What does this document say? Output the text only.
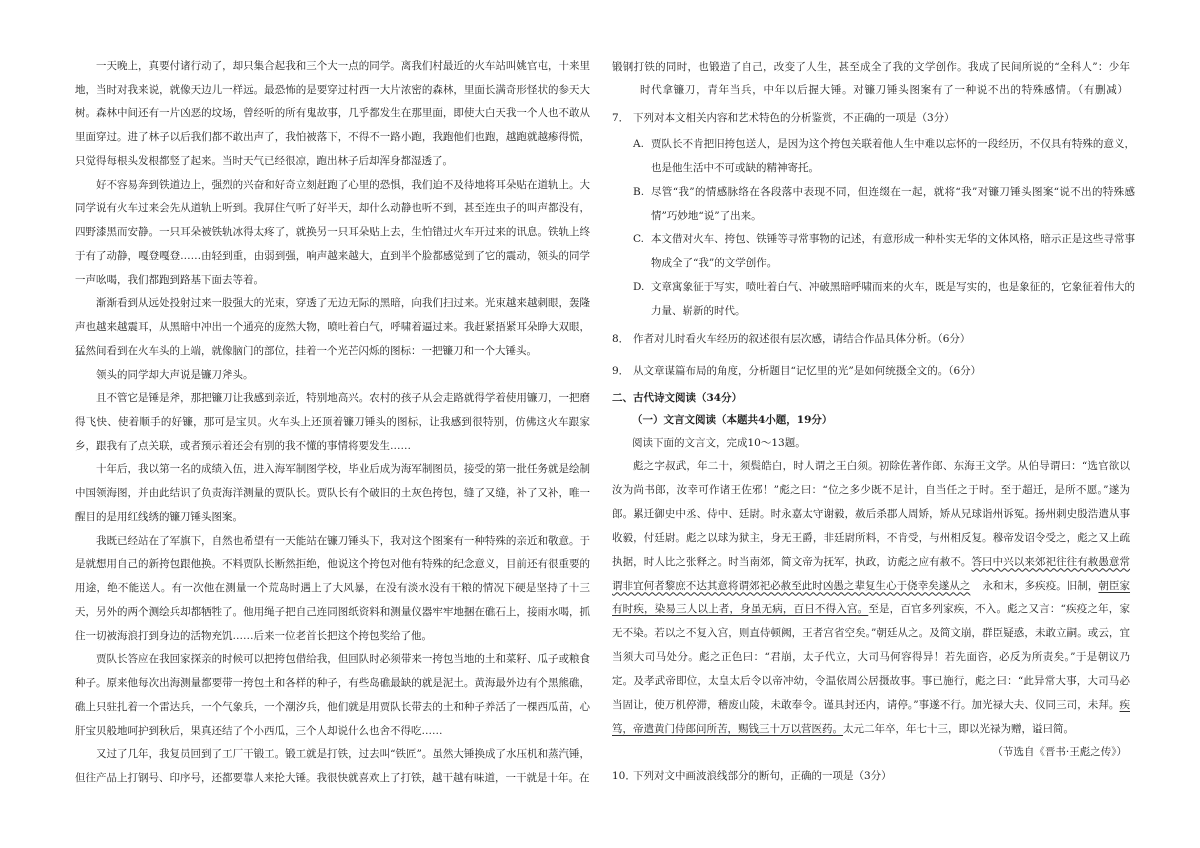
一天晚上，真要付诸行动了，却只集合起我和三个大一点的同学。离我们村最近的火车站叫姚官屯，十来里地，当时对我来说，就像天边儿一样远。最恐怖的是要穿过村西一大片浓密的森林，里面长满奇形怪状的参天大树。森林中间还有一片凶恶的坟场，曾经听的所有鬼故事，几乎都发生在那里面，即使大白天我一个人也不敢从里面穿过。进了林子以后我们都不敢出声了，我怕被落下，不得不一路小跑，我跑他们也跑，越跑就越瘆得慌，只觉得每根头发根都竖了起来。当时天气已经很凉，跑出林子后却浑身都湿透了。

好不容易奔到铁道边上，强烈的兴奋和好奇立刻赶跑了心里的恐惧，我们迫不及待地将耳朵贴在道轨上。大同学说有火车过来会先从道轨上听到。我屏住气听了好半天，却什么动静也听不到，甚至连虫子的叫声都没有，四野漆黑而安静。一只耳朵被铁轨冰得太疼了，就换另一只耳朵贴上去，生怕错过火车开过来的讯息。铁轨上终于有了动静，嘎登嘎登……由轻到重，由弱到强，响声越来越大，直到半个脸都感觉到了它的震动，领头的同学一声吆喝，我们都跑到路基下面去等着。

渐渐看到从远处投射过来一股强大的光束，穿透了无边无际的黑暗，向我们扫过来。光束越来越刺眼，轰隆声也越来越震耳，从黑暗中冲出一个通亮的庞然大物，喷吐着白气，呼啸着逼过来。我赶紧捂紧耳朵睁大双眼，猛然间看到在火车头的上端，就像脑门的部位，挂着一个光芒闪烁的图标：一把镰刀和一个大锤头。

领头的同学却大声说是镰刀斧头。

且不管它是锤是斧，那把镰刀让我感到亲近，特别地高兴。农村的孩子从会走路就得学着使用镰刀，一把磨得飞快、使着顺手的好镰，那可是宝贝。火车头上还顶着镰刀锤头的图标，让我感到很特别，仿佛这火车跟家乡，跟我有了点关联，或者预示着还会有别的我不懂的事情将要发生……

十年后，我以第一名的成绩入伍，进入海军制图学校，毕业后成为海军制图员，接受的第一批任务就是绘制中国领海图，并由此结识了负责海洋测量的贾队长。贾队长有个破旧的土灰色挎包，缝了又缝，补了又补，唯一醒目的是用红线绣的镰刀锤头图案。

我既已经站在了军旗下，自然也希望有一天能站在镰刀锤头下，我对这个图案有一种特殊的亲近和敬意。于是就想用自己的新挎包跟他换。不料贾队长断然拒绝，他说这个挎包对他有特殊的纪念意义，目前还有很重要的用途，绝不能送人。有一次他在测量一个荒岛时遇上了大风暴，在没有淡水没有干粮的情况下硬是坚持了十三天，另外的两个测绘兵却都牺牲了。他用绳子把自己连同图纸资料和测量仪器牢牢地捆在礁石上，接雨水喝，抓住一切被海浪打到身边的活物充饥……后来一位老首长把这个挎包奖给了他。

贾队长答应在我回家探亲的时候可以把挎包借给我，但回队时必须带来一挎包当地的土和菜籽、瓜子或粮食种子。原来他每次出海测量都要带一挎包土和各样的种子，有些岛礁最缺的就是泥土。黄海最外边有个黑熊礁，礁上只驻扎着一个雷达兵，一个气象兵，一个潮汐兵，他们就是用贾队长带去的土和种子养活了一棵西瓜苗，心肝宝贝般地呵护到秋后，果真还结了个小西瓜，三个人却说什么也舍不得吃……

又过了几年，我复员回到了工厂干锻工。锻工就是打铁，过去叫“铁匠”。虽然大锤换成了水压机和蒸汽锤，但往产品上打钢号、印序号，还都要靠人来抡大锤。我很快就喜欢上了打铁，越干越有味道，一干就是十年。在

锻钢打铁的同时，也锻造了自己，改变了人生，甚至成全了我的文学创作。我成了民间所说的“全科人”：少年
时代拿镰刀，青年当兵，中年以后握大锤。对镰刀锤头图案有了一种说不出的特殊感情。（有删减）
7． 下列对本文相关内容和艺术特色的分析鉴赏，不正确的一项是（3分）
A. 贾队长不肯把旧挎包送人，是因为这个挎包关联着他人生中难以忘怀的一段经历，不仅具有特殊的意义，也是他生活中不可或缺的精神寄托。
B. 尽管“我”的情感脉络在各段落中表现不同，但连缀在一起，就将“我”对镰刀锤头图案“说不出的特殊感情”巧妙地“说”了出来。
C. 本文借对火车、挎包、铁锤等寻常事物的记述，有意形成一种朴实无华的文体风格，暗示正是这些寻常事物成全了“我”的文学创作。
D. 文章寓象征于写实，喷吐着白气、冲破黑暗呼啸而来的火车，既是写实的，也是象征的，它象征着伟大的力量、崭新的时代。
8． 作者对儿时看火车经历的叙述很有层次感，请结合作品具体分析。（6分）
9． 从文章谋篇布局的角度，分析题目“记忆里的光”是如何统摄全文的。（6分）
二、古代诗文阅读（34分）
（一）文言文阅读（本题共4小题，19分）
阅读下面的文言文，完成10～13题。
彪之字叔武，年二十，须鬓皓白，时人谓之王白须。初除佐著作郎、东海王文学。从伯导谓曰：“选官欲以汝为尚书郎，汝幸可作诸王佐邪！”彪之曰：“位之多少既不足计，自当任之于时。至于超迁，是所不愿。”遂为郎。累迁御史中丞、侍中、廷尉。时永嘉太守谢毅，赦后杀郡人周矫，矫从兄球诣州诉冤。扬州刺史殷浩遣从事收毅，付廷尉。彪之以球为狱主，身无王爵，非廷尉所料，不肯受，与州相反复。穆帝发诏令受之，彪之又上疏执据，时人比之张释之。时当南郊，简文帝为抚军，执政，访彪之应有赦不。答曰中兴以来郊祀往往有赦愚意常谓非宜何者黎庶不达其意将谓郊祀必赦至此时凶愚之辈复生心于侥幸矣遂从之 永和末，多疾疫。旧制，朝臣家有时疾，染易三人以上者，身虽无病，百日不得入宫。至是，百官多列家疾，不入。彪之又言：“疾疫之年，家无不染。若以之不复入宫，则直侍顿阙，王者宫省空矣。”朝廷从之。及简文崩，群臣疑惑，未敢立嗣。或云，宜当须大司马处分。彪之正色曰：“君崩，太子代立，大司马何容得异！若先面咨，必反为所责矣。”于是朝议乃定。及孝武帝即位，太皇太后令以帝冲幼，令温依周公居摄故事。事已施行，彪之曰：“此异常大事，大司马必当固让，使万机停滞，稽废山陵，未敢奉令。谨具封还内，请停。”事遂不行。加光禄大夫、仪同三司，未拜。疾笃，帝遣黄门侍郎问所苦，赐钱三十万以营医药。太元二年卒，年七十三，即以光禄为赠，谥曰简。
（节选自《晋书·王彪之传》）
10．
下列对文中画波浪线部分的断句，正确的一项是（3分）
